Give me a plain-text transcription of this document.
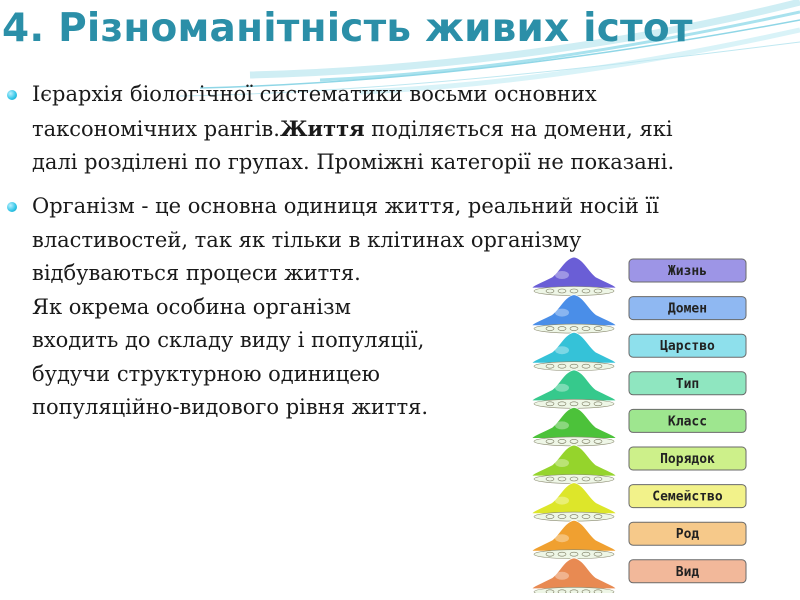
4. Різноманітність живих істот
Ієрархія біологічної систематики восьми основних
таксономічних рангів.Життя поділяється на домени, які
далі розділені по групах. Проміжні категорії не показані.
Організм - це основна одиниця життя, реальний носій її
властивостей, так як тільки в клітинах організму
відбуваються процеси життя.
Як окрема особина організм
входить до складу виду і популяції,
будучи структурною одиницею
популяційно-видового рівня життя.
Жизнь
Домен
Царство
Тип
Класс
Порядок
Семейство
Род
Вид
